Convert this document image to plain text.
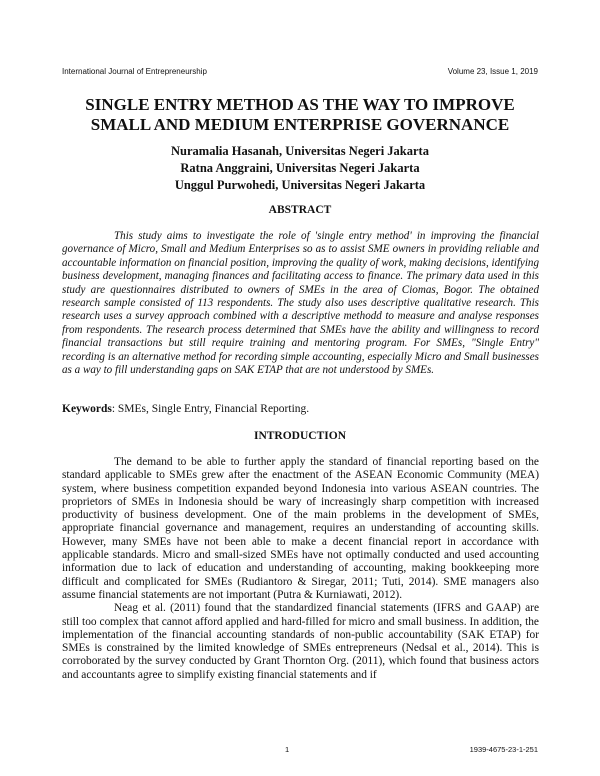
International Journal of Entrepreneurship	Volume 23, Issue 1, 2019
SINGLE ENTRY METHOD AS THE WAY TO IMPROVE
SMALL AND MEDIUM ENTERPRISE GOVERNANCE
Nuramalia Hasanah, Universitas Negeri Jakarta
Ratna Anggraini, Universitas Negeri Jakarta
Unggul Purwohedi, Universitas Negeri Jakarta
ABSTRACT

This study aims to investigate the role of 'single entry method' in improving the financial governance of Micro, Small and Medium Enterprises so as to assist SME owners in providing reliable and accountable information on financial position, improving the quality of work, making decisions, identifying business development, managing finances and facilitating access to finance. The primary data used in this study are questionnaires distributed to owners of SMEs in the area of Ciomas, Bogor. The obtained research sample consisted of 113 respondents. The study also uses descriptive qualitative research. This research uses a survey approach combined with a descriptive methodd to measure and analyse responses from respondents. The research process determined that SMEs have the ability and willingness to record financial transactions but still require training and mentoring program. For SMEs, "Single Entry" recording is an alternative method for recording simple accounting, especially Micro and Small businesses as a way to fill understanding gaps on SAK ETAP that are not understood by SMEs.

Keywords: SMEs, Single Entry, Financial Reporting.
INTRODUCTION

The demand to be able to further apply the standard of financial reporting based on the standard applicable to SMEs grew after the enactment of the ASEAN Economic Community (MEA) system, where business competition expanded beyond Indonesia into various ASEAN countries. The proprietors of SMEs in Indonesia should be wary of increasingly sharp competition with increased productivity of business development. One of the main problems in the development of SMEs, appropriate financial governance and management, requires an understanding of accounting skills. However, many SMEs have not been able to make a decent financial report in accordance with applicable standards. Micro and small-sized SMEs have not optimally conducted and used accounting information due to lack of education and understanding of accounting, making bookkeeping more difficult and complicated for SMEs (Rudiantoro & Siregar, 2011; Tuti, 2014). SME managers also assume financial statements are not important (Putra & Kurniawati, 2012).

Neag et al. (2011) found that the standardized financial statements (IFRS and GAAP) are still too complex that cannot afford applied and hard-filled for micro and small business. In addition, the implementation of the financial accounting standards of non-public accountability (SAK ETAP) for SMEs is constrained by the limited knowledge of SMEs entrepreneurs (Nedsal et al., 2014). This is corroborated by the survey conducted by Grant Thornton Org. (2011), which found that business actors and accountants agree to simplify existing financial statements and if

1	1939-4675-23-1-251
